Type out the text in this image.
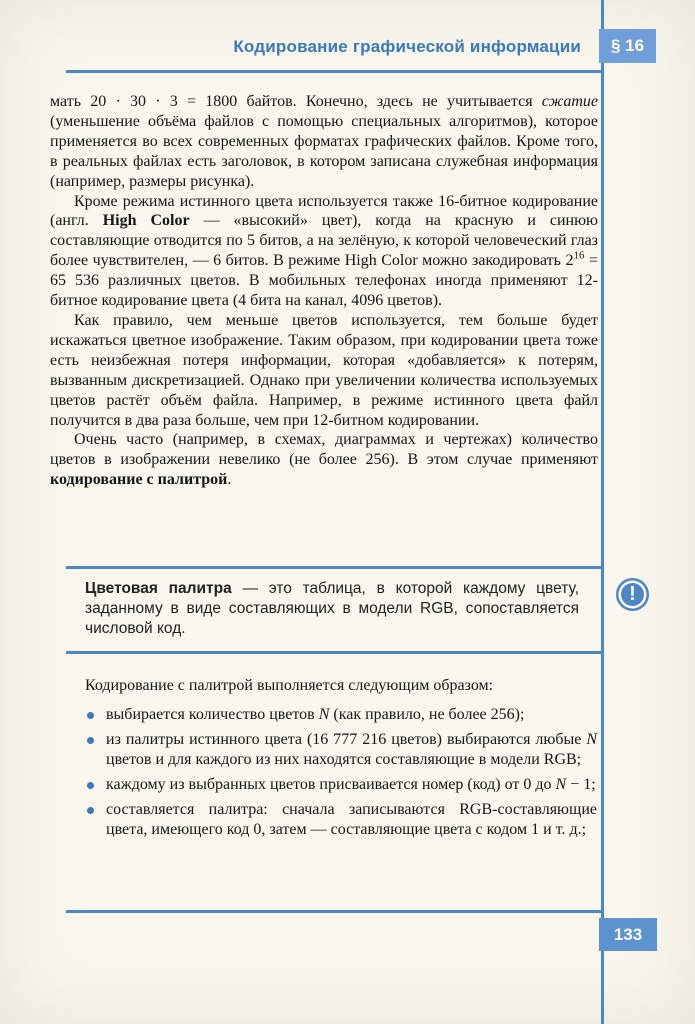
Кодирование графической информации	§ 16

мать 20 · 30 · 3 = 1800 байтов. Конечно, здесь не учитывается сжатие (уменьшение объёма файлов с помощью специальных алгоритмов), которое применяется во всех современных форматах графических файлов. Кроме того, в реальных файлах есть заголовок, в котором записана служебная информация (например, размеры рисунка).

Кроме режима истинного цвета используется также 16-битное кодирование (англ. High Color — «высокий» цвет), когда на красную и синюю составляющие отводится по 5 битов, а на зелёную, к которой человеческий глаз более чувствителен, — 6 битов. В режиме High Color можно закодировать $2^{16} = 65$ 536 различных цветов. В мобильных телефонах иногда применяют 12-битное кодирование цвета (4 бита на канал, 4096 цветов).

Как правило, чем меньше цветов используется, тем больше будет искажаться цветное изображение. Таким образом, при кодировании цвета тоже есть неизбежная потеря информации, которая «добавляется» к потерям, вызванным дискретизацией. Однако при увеличении количества используемых цветов растёт объём файла. Например, в режиме истинного цвета файл получится в два раза больше, чем при 12-битном кодировании.

Очень часто (например, в схемах, диаграммах и чертежах) количество цветов в изображении невелико (не более 256). В этом случае применяют кодирование с палитрой.

Цветовая палитра — это таблица, в которой каждому цвету, заданному в виде составляющих в модели RGB, сопоставляется числовой код.

!

Кодирование с палитрой выполняется следующим образом:

выбирается количество цветов N (как правило, не более 256);
из палитры истинного цвета (16 777 216 цветов) выбираются любые N цветов и для каждого из них находятся составляющие в модели RGB;
каждому из выбранных цветов присваивается номер (код) от 0 до N − 1;
составляется палитра: сначала записываются RGB-составляющие цвета, имеющего код 0, затем — составляющие цвета с кодом 1 и т. д.;
133
